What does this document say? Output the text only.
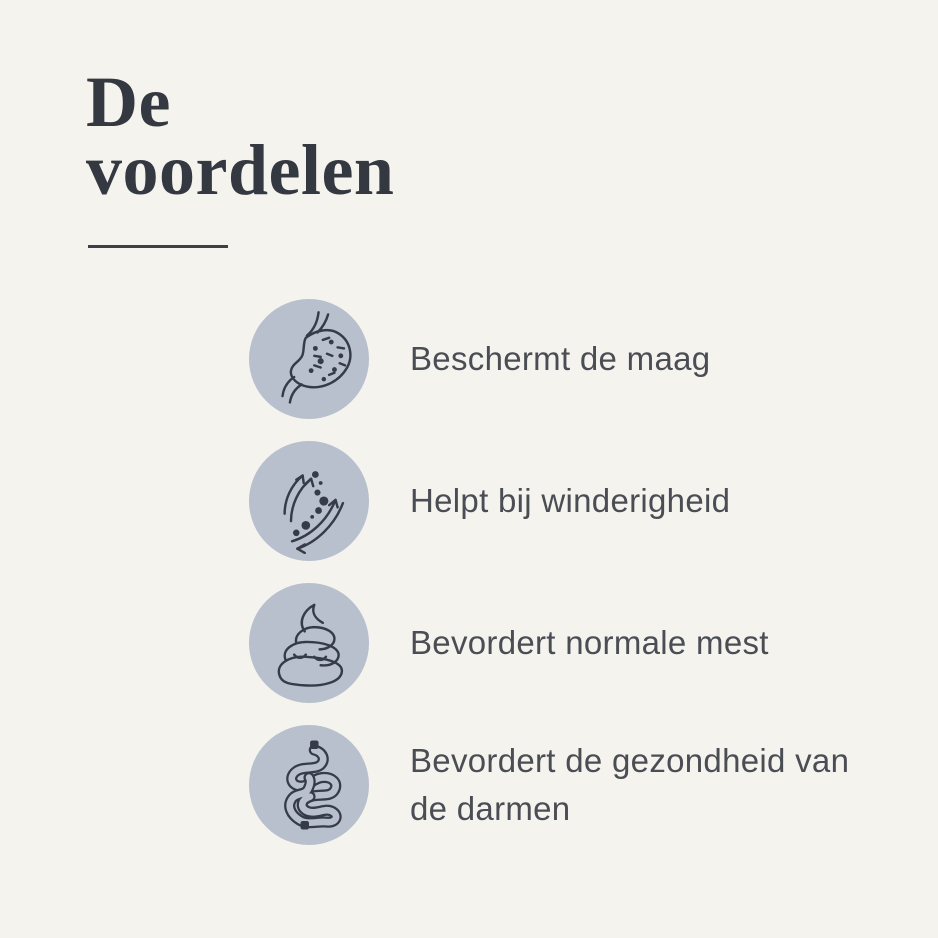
De
voordelen
Beschermt de maag
Helpt bij winderigheid
Bevordert normale mest
Bevordert de gezondheid van de darmen
